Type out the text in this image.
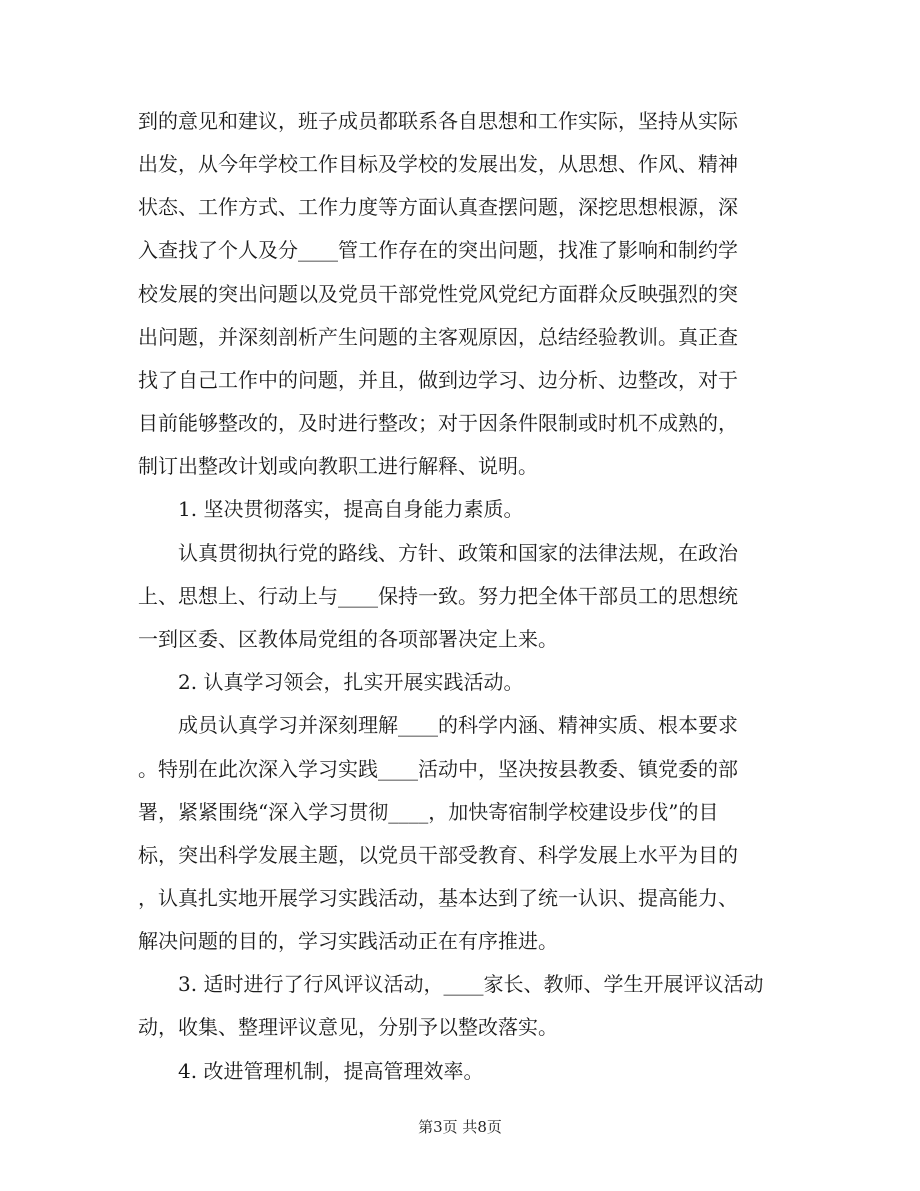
到的意见和建议，班子成员都联系各自思想和工作实际，坚持从实际
出发，从今年学校工作目标及学校的发展出发，从思想、作风、精神
状态、工作方式、工作力度等方面认真查摆问题，深挖思想根源，深
入查找了个人及分____管工作存在的突出问题，找准了影响和制约学
校发展的突出问题以及党员干部党性党风党纪方面群众反映强烈的突
出问题，并深刻剖析产生问题的主客观原因，总结经验教训。真正查
找了自己工作中的问题，并且，做到边学习、边分析、边整改，对于
目前能够整改的，及时进行整改；对于因条件限制或时机不成熟的，
制订出整改计划或向教职工进行解释、说明。
1. 坚决贯彻落实，提高自身能力素质。
认真贯彻执行党的路线、方针、政策和国家的法律法规，在政治
上、思想上、行动上与____保持一致。努力把全体干部员工的思想统
一到区委、区教体局党组的各项部署决定上来。
2. 认真学习领会，扎实开展实践活动。
成员认真学习并深刻理解____的科学内涵、精神实质、根本要求
。特别在此次深入学习实践____活动中，坚决按县教委、镇党委的部
署，紧紧围绕“深入学习贯彻____，加快寄宿制学校建设步伐”的目
标，突出科学发展主题，以党员干部受教育、科学发展上水平为目的
，认真扎实地开展学习实践活动，基本达到了统一认识、提高能力、
解决问题的目的，学习实践活动正在有序推进。
3. 适时进行了行风评议活动，____家长、教师、学生开展评议活动
动，收集、整理评议意见，分别予以整改落实。
4. 改进管理机制，提高管理效率。
第3页 共8页
